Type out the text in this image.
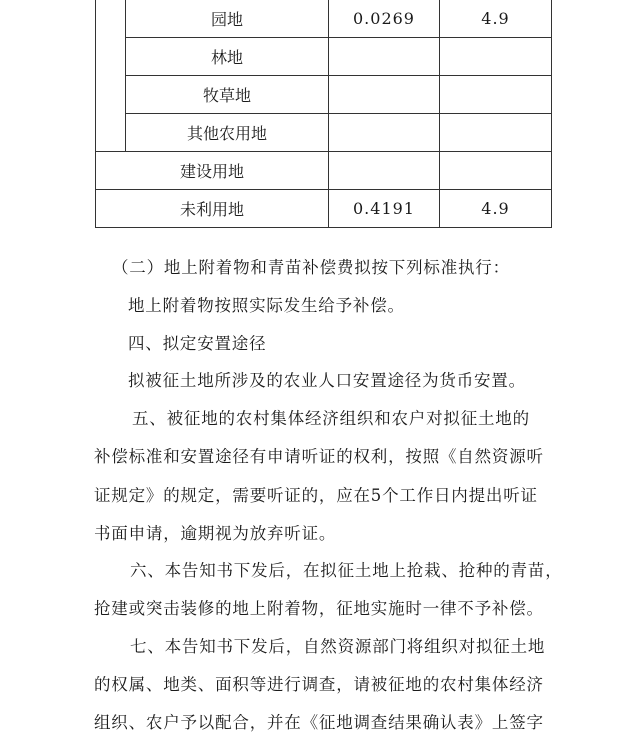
	园地	0.0269	4.9
	林地		
	牧草地		
	其他农用地		
建设用地			
未利用地		0.4191	4.9
（二）地上附着物和青苗补偿费拟按下列标准执行：
地上附着物按照实际发生给予补偿。
四、拟定安置途径
拟被征土地所涉及的农业人口安置途径为货币安置。
五、被征地的农村集体经济组织和农户对拟征土地的
补偿标准和安置途径有申请听证的权利，按照《自然资源听
证规定》的规定，需要听证的，应在5个工作日内提出听证
书面申请，逾期视为放弃听证。
六、本告知书下发后，在拟征土地上抢栽、抢种的青苗，
抢建或突击装修的地上附着物，征地实施时一律不予补偿。
七、本告知书下发后，自然资源部门将组织对拟征土地
的权属、地类、面积等进行调查，请被征地的农村集体经济
组织、农户予以配合，并在《征地调查结果确认表》上签字
